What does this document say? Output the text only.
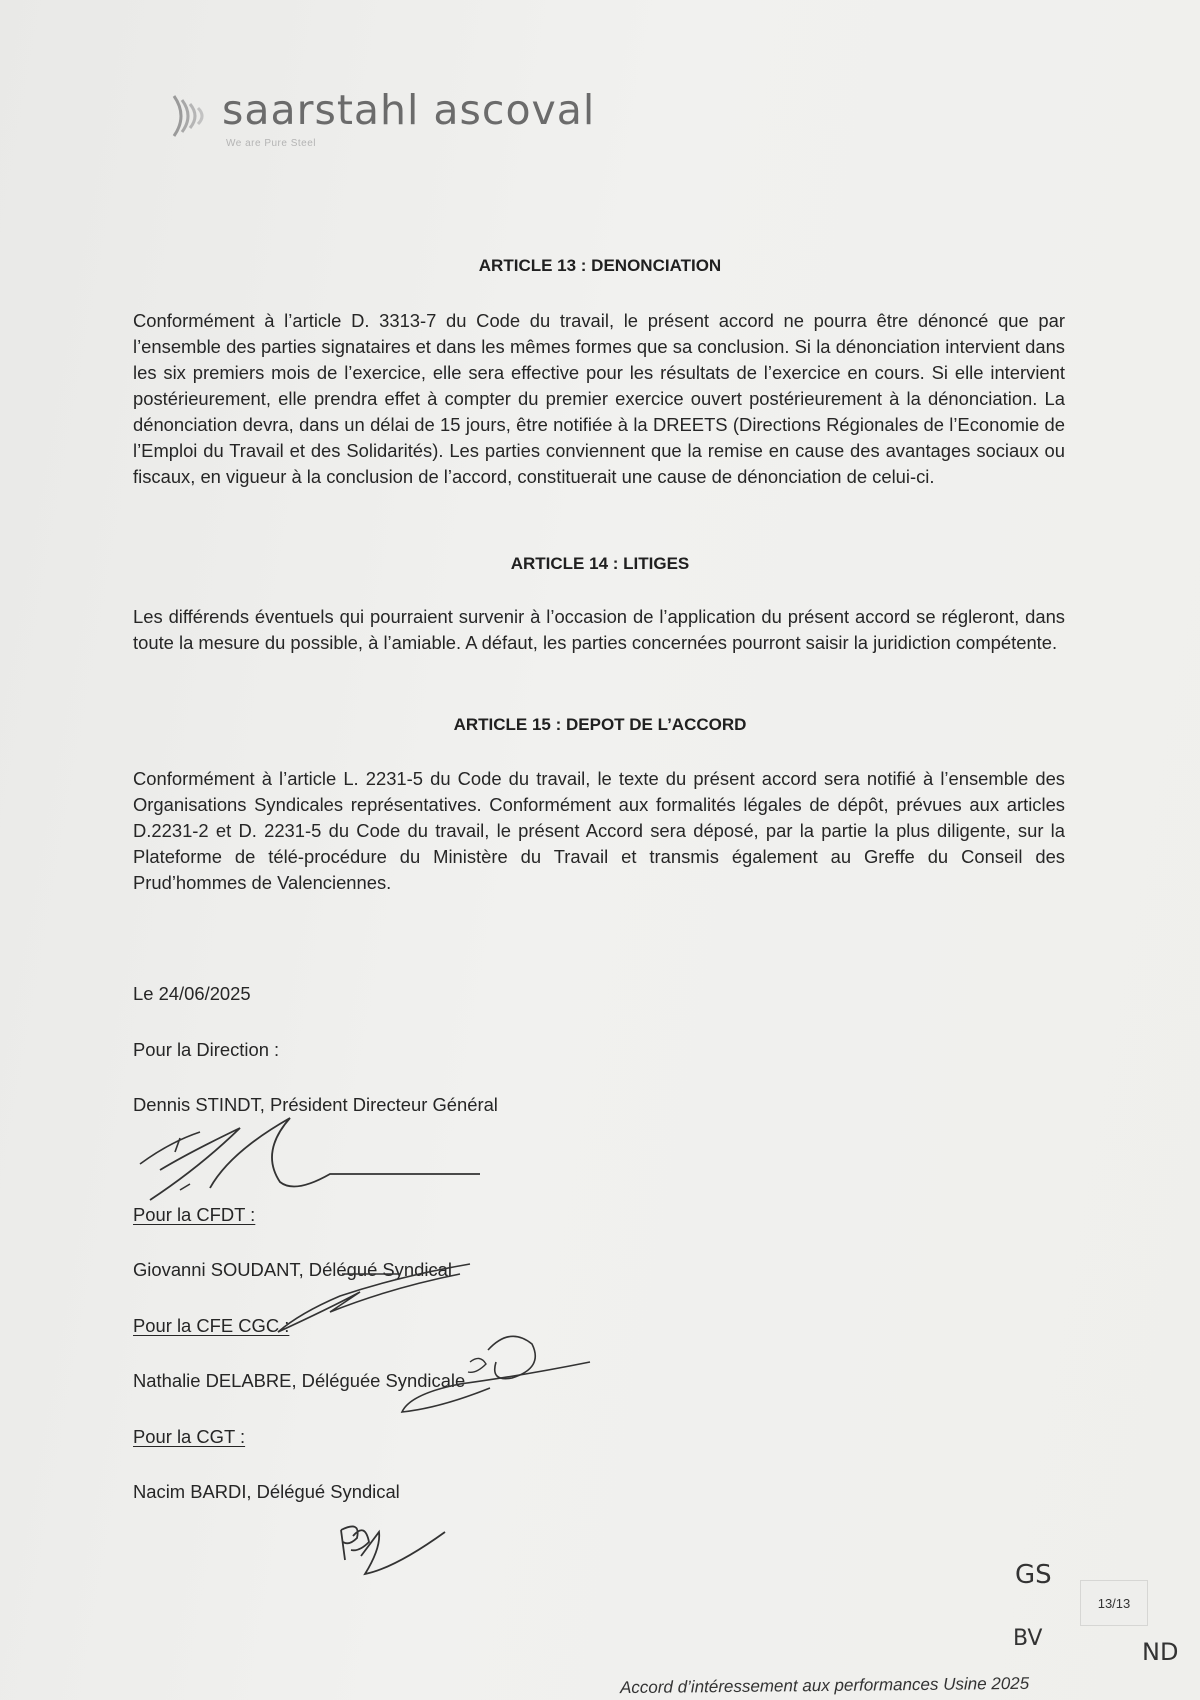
saarstahl ascoval
We are Pure Steel
ARTICLE 13 : DENONCIATION
Conformément à l’article D. 3313-7 du Code du travail, le présent accord ne pourra être dénoncé que par l’ensemble des parties signataires et dans les mêmes formes que sa conclusion. Si la dénonciation intervient dans les six premiers mois de l’exercice, elle sera effective pour les résultats de l’exercice en cours. Si elle intervient postérieurement, elle prendra effet à compter du premier exercice ouvert postérieurement à la dénonciation. La dénonciation devra, dans un délai de 15 jours, être notifiée à la DREETS (Directions Régionales de l’Economie de l’Emploi du Travail et des Solidarités). Les parties conviennent que la remise en cause des avantages sociaux ou fiscaux, en vigueur à la conclusion de l’accord, constituerait une cause de dénonciation de celui-ci.
ARTICLE 14 : LITIGES
Les différends éventuels qui pourraient survenir à l’occasion de l’application du présent accord se régleront, dans toute la mesure du possible, à l’amiable. A défaut, les parties concernées pourront saisir la juridiction compétente.
ARTICLE 15 : DEPOT DE L’ACCORD
Conformément à l’article L. 2231-5 du Code du travail, le texte du présent accord sera notifié à l’ensemble des Organisations Syndicales représentatives. Conformément aux formalités légales de dépôt, prévues aux articles D.2231-2 et D. 2231-5 du Code du travail, le présent Accord sera déposé, par la partie la plus diligente, sur la Plateforme de télé-procédure du Ministère du Travail et transmis également au Greffe du Conseil des Prud’hommes de Valenciennes.
Le 24/06/2025
Pour la Direction :
Dennis STINDT, Président Directeur Général
Pour la CFDT :
Giovanni SOUDANT, Délégué Syndical
Pour la CFE CGC :
Nathalie DELABRE, Déléguée Syndicale
Pour la CGT :
Nacim BARDI, Délégué Syndical
GS
13/13
BV	ND
Accord d’intéressement aux performances Usine 2025
